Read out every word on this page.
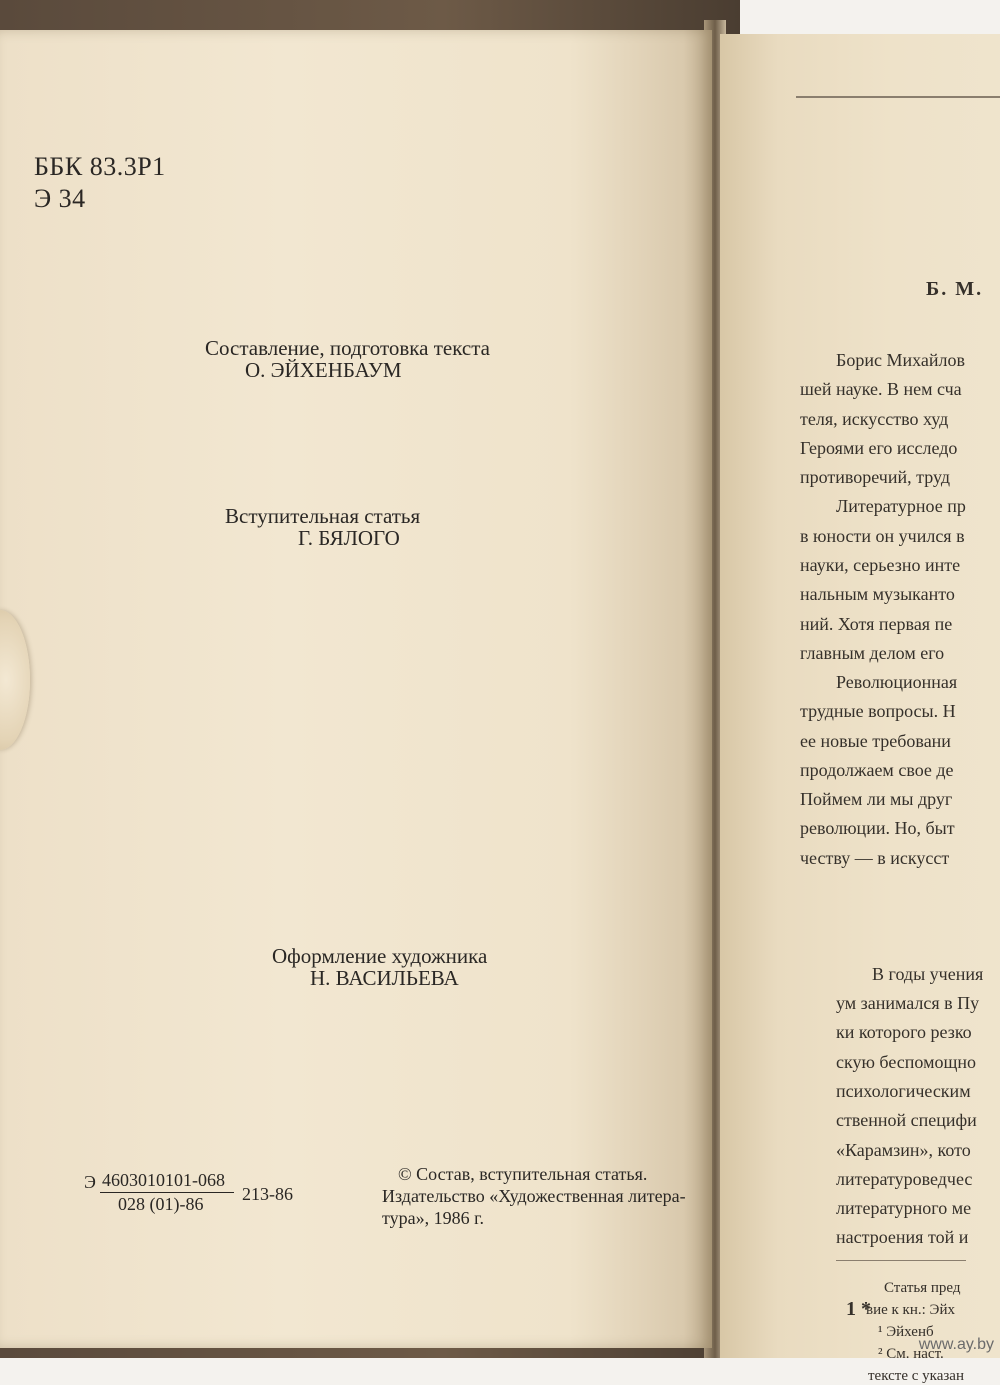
ББК 83.3Р1
Э 34
Составление, подготовка текста
О. ЭЙХЕНБАУМ
Вступительная статья
Г. БЯЛОГО
Оформление художника
Н. ВАСИЛЬЕВА
Э 4603010101-068
028 (01)-86 213-86
© Состав, вступительная статья.
Издательство «Художественная литера-
тура», 1986 г.
Б. М.
Борис Михайлов
шей науке. В нем сча
теля, искусство худ
Героями его исследо
противоречий, труд
Литературное пр
в юности он учился в
науки, серьезно инте
нальным музыканто
ний. Хотя первая пе
главным делом его
Революционная
трудные вопросы. Н
ее новые требовани
продолжаем свое де
Поймем ли мы друг
революции. Но, быт
честву — в искусст
В годы учения
ум занимался в Пу
ки которого резко
скую беспомощно
психологическим
ственной специфи
«Карамзин», кото
литературоведчес
литературного ме
настроения той и
Статья пред
вие к кн.: Эйх
¹ Эйхенб
² См. наст.
тексте с указан
1 *
www.ay.by
